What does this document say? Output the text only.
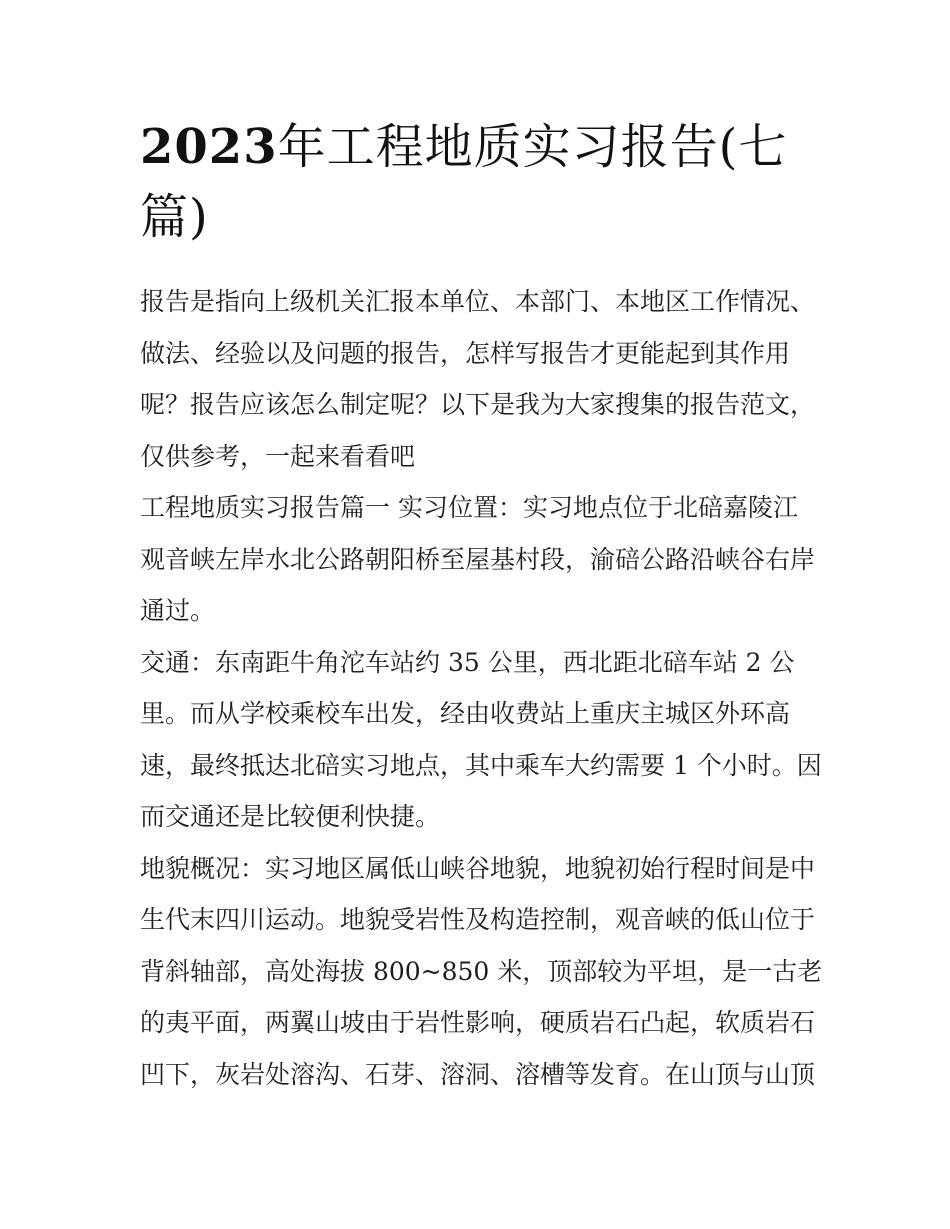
2023年工程地质实习报告(七
篇)

报告是指向上级机关汇报本单位、本部门、本地区工作情况、
做法、经验以及问题的报告，怎样写报告才更能起到其作用
呢？报告应该怎么制定呢？以下是我为大家搜集的报告范文，
仅供参考，一起来看看吧

工程地质实习报告篇一 实习位置：实习地点位于北碚嘉陵江
观音峡左岸水北公路朝阳桥至屋基村段，渝碚公路沿峡谷右岸
通过。

交通：东南距牛角沱车站约 35 公里，西北距北碚车站 2 公
里。而从学校乘校车出发，经由收费站上重庆主城区外环高
速，最终抵达北碚实习地点，其中乘车大约需要 1 个小时。因
而交通还是比较便利快捷。

地貌概况：实习地区属低山峡谷地貌，地貌初始行程时间是中
生代末四川运动。地貌受岩性及构造控制，观音峡的低山位于
背斜轴部，高处海拔 800~850 米，顶部较为平坦，是一古老
的夷平面，两翼山坡由于岩性影响，硬质岩石凸起，软质岩石
凹下，灰岩处溶沟、石芽、溶洞、溶槽等发育。在山顶与山顶
